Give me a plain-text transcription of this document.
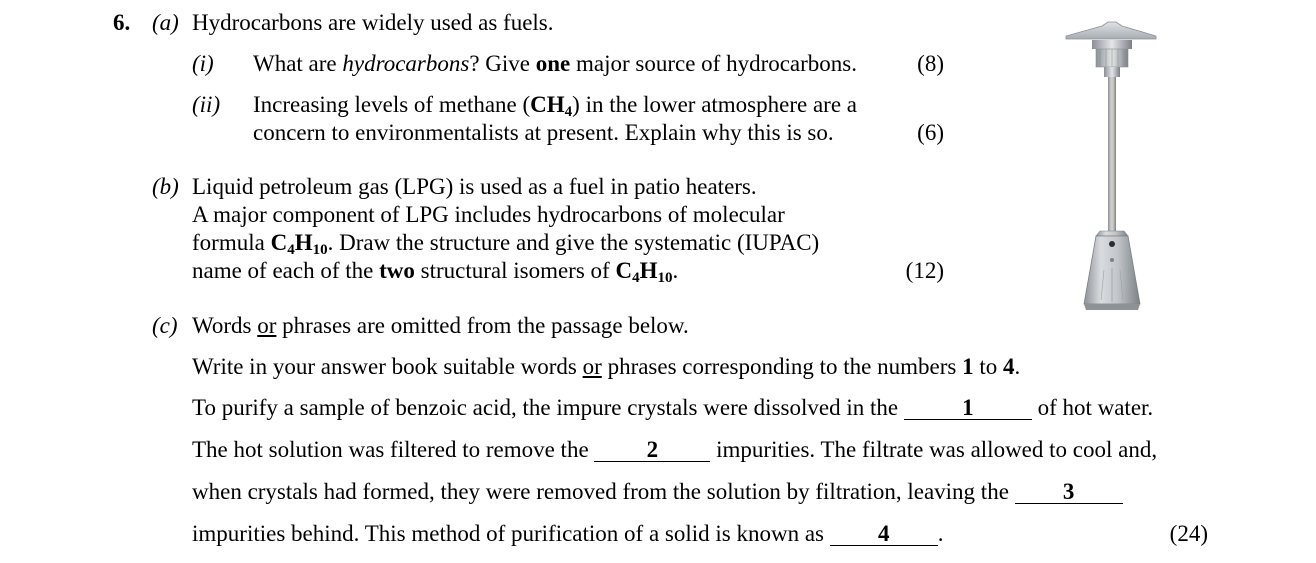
6. (a) Hydrocarbons are widely used as fuels.
(i) What are hydrocarbons? Give one major source of hydrocarbons.	(8)
(ii) Increasing levels of methane $(CH_4)$ in the lower atmosphere are a
concern to environmentalists at present. Explain why this is so.	(6)
(b) Liquid petroleum gas (LPG) is used as a fuel in patio heaters.
A major component of LPG includes hydrocarbons of molecular
formula $C_4H_{10}$. Draw the structure and give the systematic (IUPAC)
name of each of the two structural isomers of $C_4H_{10}$.	(12)
(c) Words or phrases are omitted from the passage below.
Write in your answer book suitable words or phrases corresponding to the numbers 1 to 4.
To purify a sample of benzoic acid, the impure crystals were dissolved in the	1	of hot water.
The hot solution was filtered to remove the 2 impurities. The filtrate was allowed to cool and,
when crystals had formed, they were removed from the solution by filtration, leaving the 3
impurities behind. This method of purification of a solid is known as 4 .	(24)
